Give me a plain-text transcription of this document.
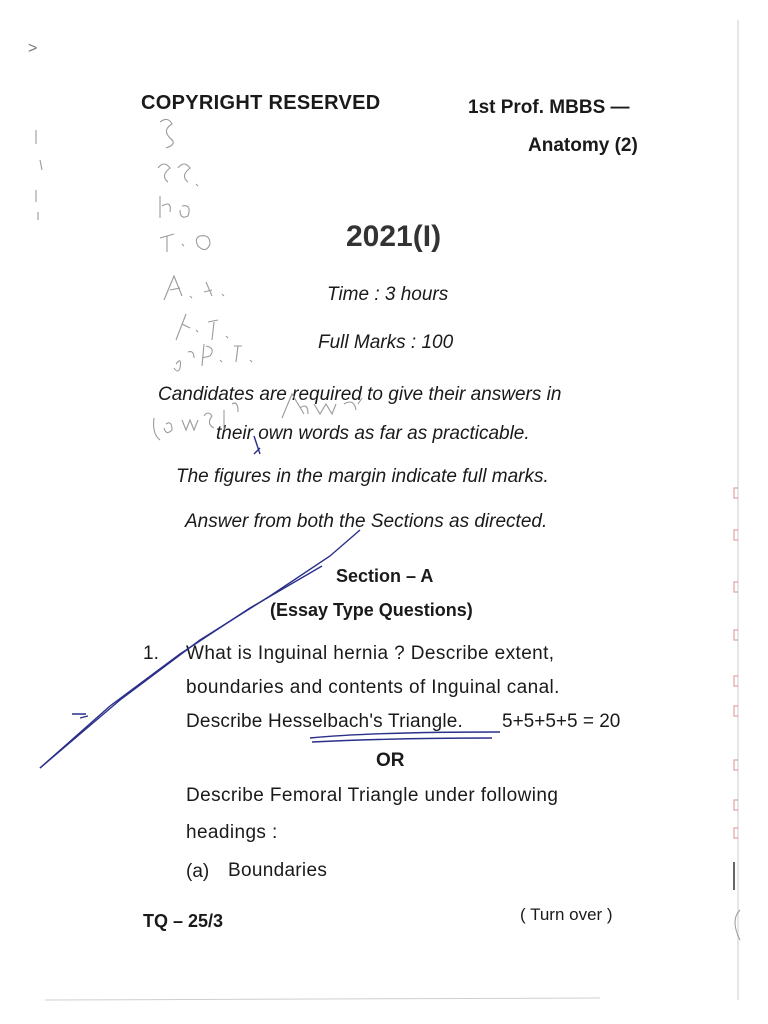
>
COPYRIGHT RESERVED	1st Prof. MBBS —
Anatomy (2)
2021(I)
Time : 3 hours
Full Marks : 100
Candidates are required to give their answers in
their own words as far as practicable.
The figures in the margin indicate full marks.
Answer from both the Sections as directed.
Section – A
(Essay Type Questions)
1. What is Inguinal hernia ? Describe extent,
boundaries and contents of Inguinal canal.
Describe Hesselbach's Triangle. 5+5+5+5 = 20
OR
Describe Femoral Triangle under following
headings :
(a) Boundaries
TQ – 25/3	( Turn over )
